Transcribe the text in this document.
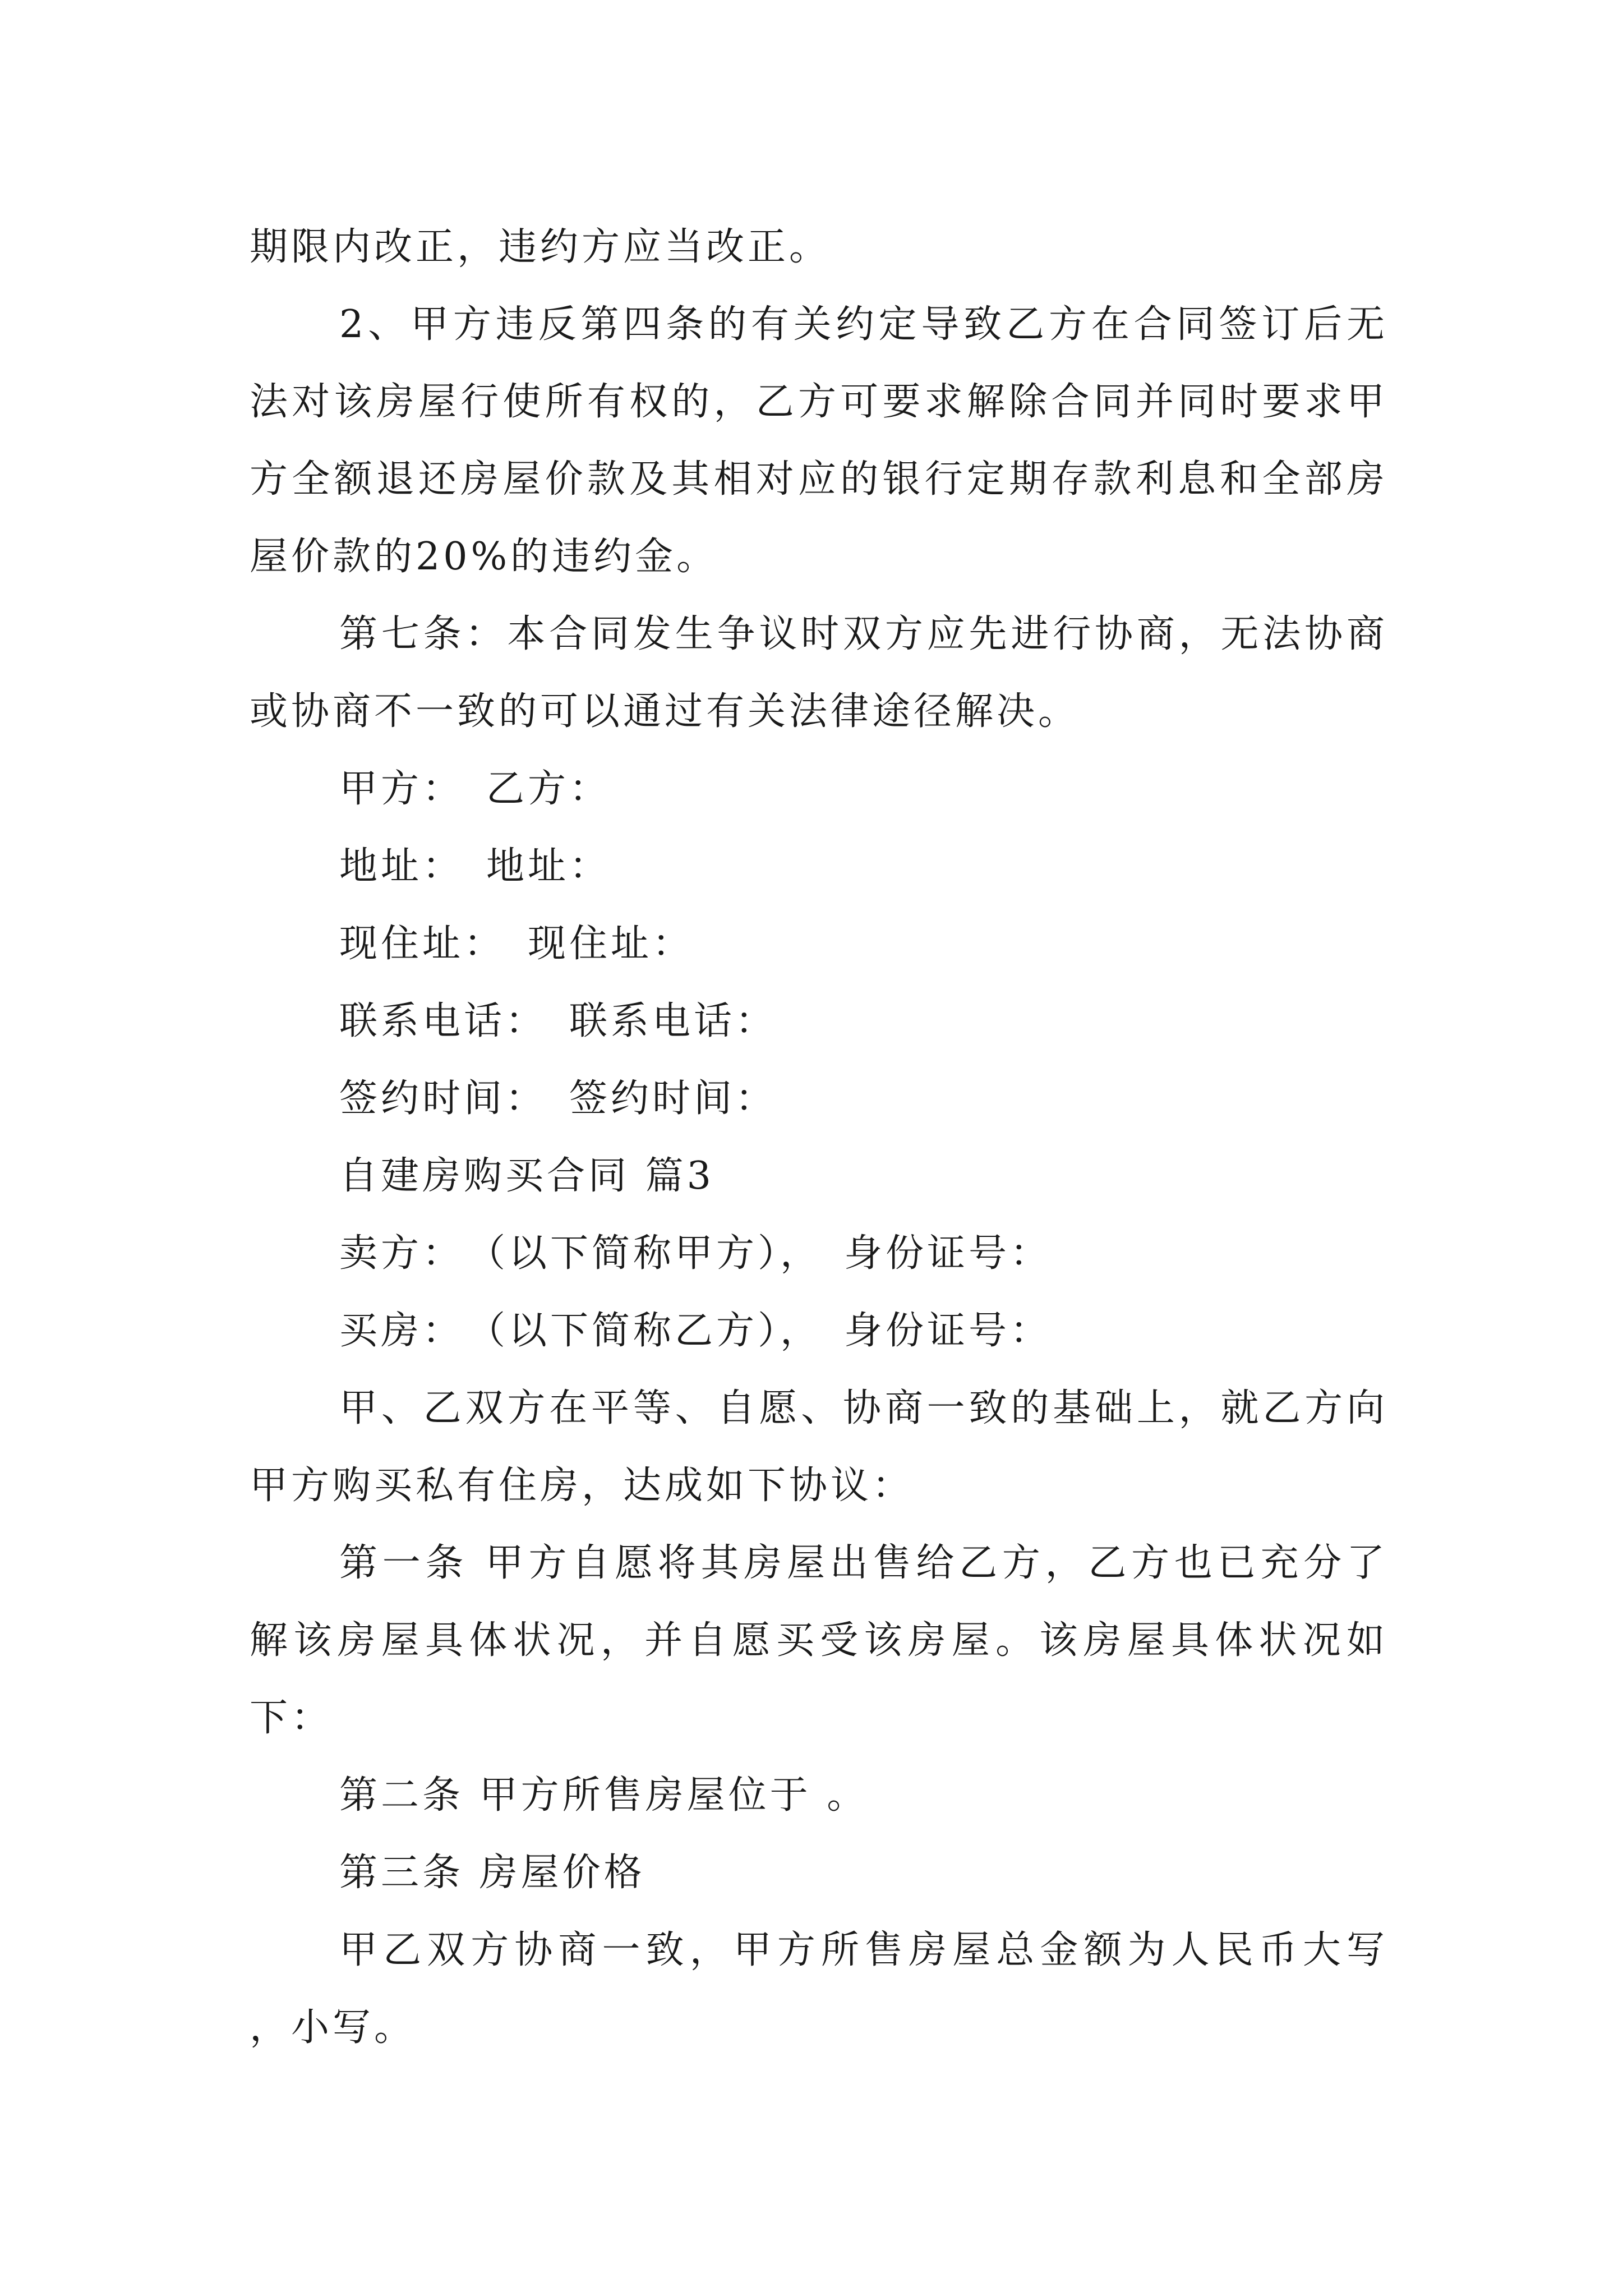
期限内改正，违约方应当改正。

2、甲方违反第四条的有关约定导致乙方在合同签订后无法对该房屋行使所有权的，乙方可要求解除合同并同时要求甲方全额退还房屋价款及其相对应的银行定期存款利息和全部房屋价款的20%的违约金。

第七条：本合同发生争议时双方应先进行协商，无法协商或协商不一致的可以通过有关法律途径解决。

甲方： 乙方：

地址： 地址：

现住址： 现住址：

联系电话： 联系电话：

签约时间： 签约时间：

自建房购买合同 篇3

卖方： （以下简称甲方）， 身份证号：

买房： （以下简称乙方）， 身份证号：

甲、乙双方在平等、自愿、协商一致的基础上，就乙方向甲方购买私有住房，达成如下协议：

第一条 甲方自愿将其房屋出售给乙方，乙方也已充分了解该房屋具体状况，并自愿买受该房屋。该房屋具体状况如下：

第二条 甲方所售房屋位于 。

第三条 房屋价格

甲乙双方协商一致，甲方所售房屋总金额为人民币大写 ，小写。
